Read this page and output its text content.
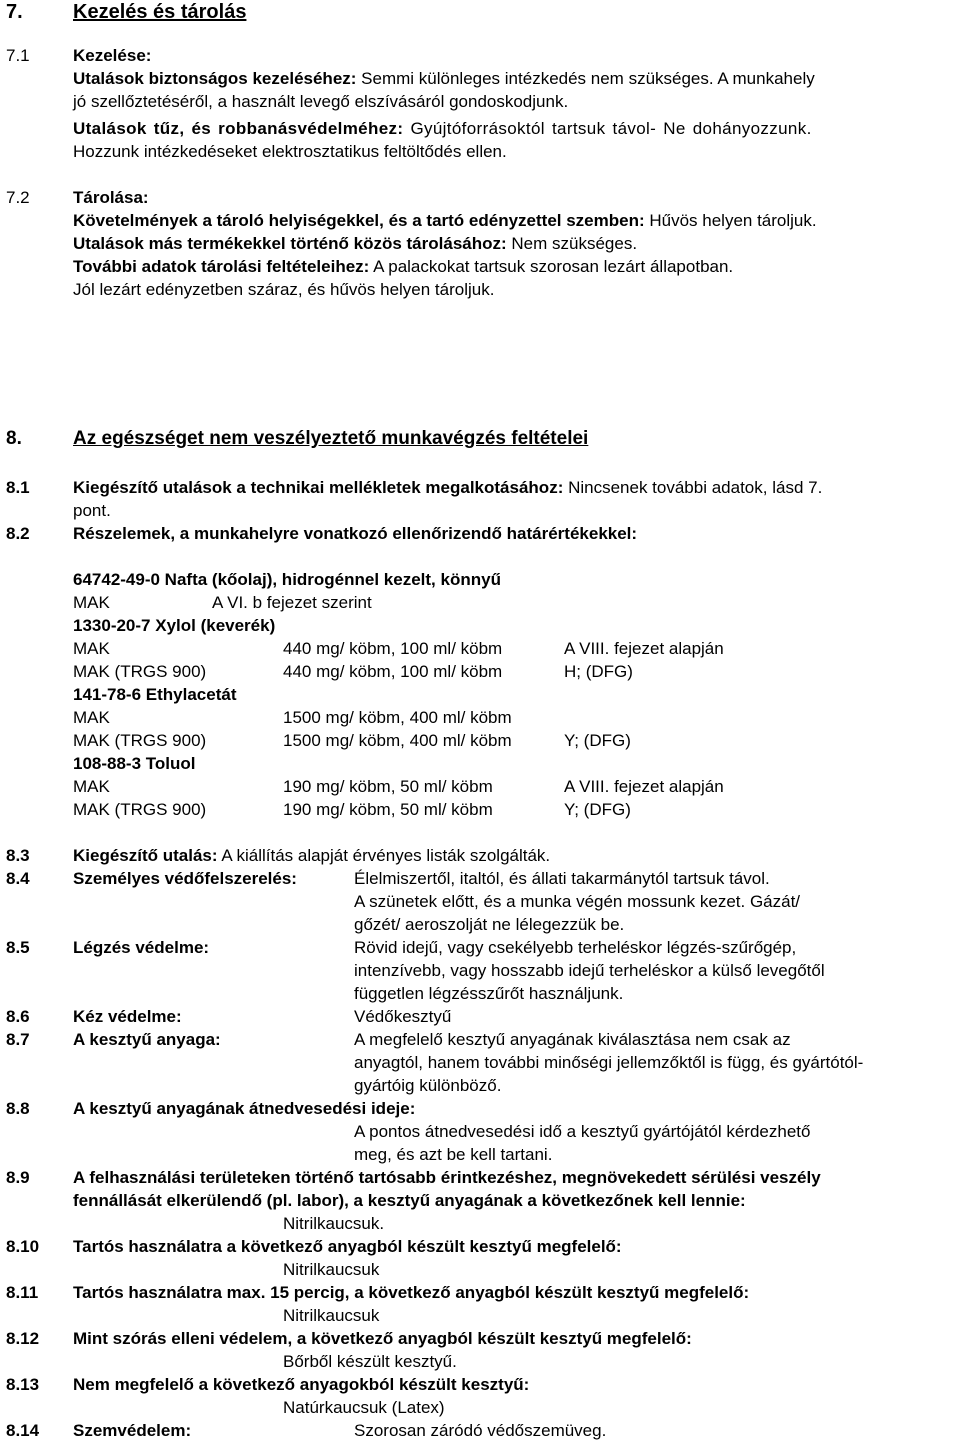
7.	Kezelés és tárolás
7.1	Kezelése:
Utalások biztonságos kezeléséhez: Semmi különleges intézkedés nem szükséges. A munkahely
jó szellőztetéséről, a használt levegő elszívásáról gondoskodjunk.
Utalások tűz, és robbanásvédelméhez: Gyújtóforrásoktól tartsuk távol- Ne dohányozzunk.
Hozzunk intézkedéseket elektrosztatikus feltöltődés ellen.
7.2	Tárolása:
Követelmények a tároló helyiségekkel, és a tartó edényzettel szemben: Hűvös helyen tároljuk.
Utalások más termékekkel történő közös tárolásához: Nem szükséges.
További adatok tárolási feltételeihez: A palackokat tartsuk szorosan lezárt állapotban.
Jól lezárt edényzetben száraz, és hűvös helyen tároljuk.
8.	Az egészséget nem veszélyeztető munkavégzés feltételei
8.1	Kiegészítő utalások a technikai mellékletek megalkotásához: Nincsenek további adatok, lásd 7.
pont.
8.2	Részelemek, a munkahelyre vonatkozó ellenőrizendő határértékekkel:
64742-49-0 Nafta (kőolaj), hidrogénnel kezelt, könnyű
MAK	A VI. b fejezet szerint
1330-20-7 Xylol (keverék)
MAK	440 mg/ köbm, 100 ml/ köbm	A VIII. fejezet alapján
MAK (TRGS 900)	440 mg/ köbm, 100 ml/ köbm	H; (DFG)
141-78-6 Ethylacetát
MAK	1500 mg/ köbm, 400 ml/ köbm
MAK (TRGS 900)	1500 mg/ köbm, 400 ml/ köbm	Y; (DFG)
108-88-3 Toluol
MAK	190 mg/ köbm, 50 ml/ köbm	A VIII. fejezet alapján
MAK (TRGS 900)	190 mg/ köbm, 50 ml/ köbm	Y; (DFG)
8.3	Kiegészítő utalás: A kiállítás alapját érvényes listák szolgálták.
8.4	Személyes védőfelszerelés:	Élelmiszertől, italtól, és állati takarmánytól tartsuk távol.
A szünetek előtt, és a munka végén mossunk kezet. Gázát/
gőzét/ aeroszolját ne lélegezzük be.
8.5	Légzés védelme:	Rövid idejű, vagy csekélyebb terheléskor légzés-szűrőgép,
intenzívebb, vagy hosszabb idejű terheléskor a külső levegőtől
független légzésszűrőt használjunk.
8.6	Kéz védelme:	Védőkesztyű
8.7	A kesztyű anyaga:	A megfelelő kesztyű anyagának kiválasztása nem csak az
anyagtól, hanem további minőségi jellemzőktől is függ, és gyártótól-
gyártóig különböző.
8.8	A kesztyű anyagának átnedvesedési ideje:
A pontos átnedvesedési idő a kesztyű gyártójától kérdezhető
meg, és azt be kell tartani.
8.9	A felhasználási területeken történő tartósabb érintkezéshez, megnövekedett sérülési veszély
fennállását elkerülendő (pl. labor), a kesztyű anyagának a következőnek kell lennie:
Nitrilkaucsuk.
8.10 Tartós használatra a következő anyagból készült kesztyű megfelelő:
Nitrilkaucsuk
8.11 Tartós használatra max. 15 percig, a következő anyagból készült kesztyű megfelelő:
Nitrilkaucsuk
8.12 Mint szórás elleni védelem, a következő anyagból készült kesztyű megfelelő:
Bőrből készült kesztyű.
8.13 Nem megfelelő a következő anyagokból készült kesztyű:
Natúrkaucsuk (Latex)
8.14 Szemvédelem:	Szorosan záródó védőszemüveg.
